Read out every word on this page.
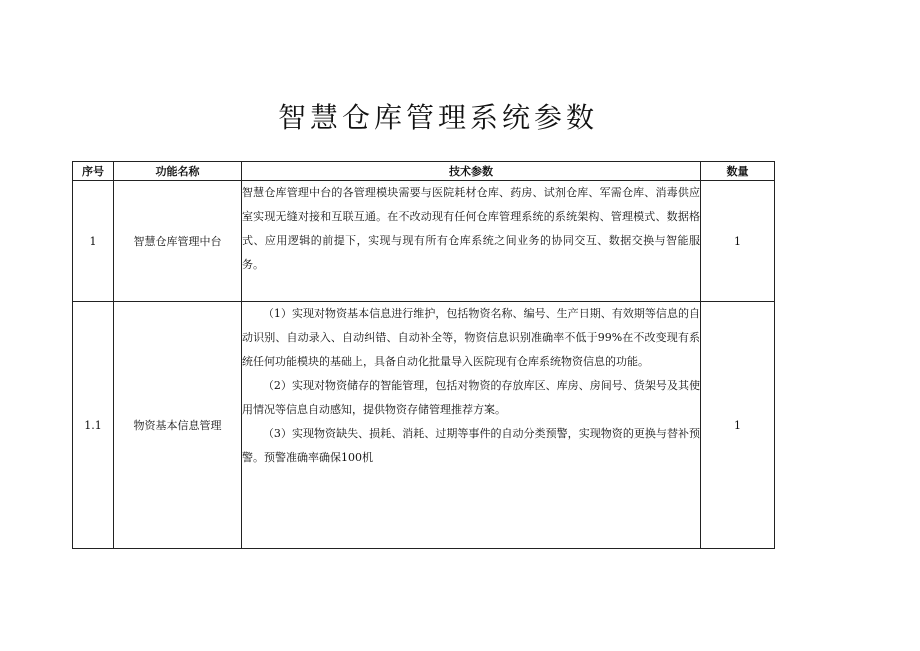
智慧仓库管理系统参数
序号	功能名称	技术参数	数量
1	智慧仓库管理中台	智慧仓库管理中台的各管理模块需要与医院耗材仓库、药房、试剂仓库、军需仓库、消毒供应室实现无缝对接和互联互通。在不改动现有任何仓库管理系统的系统架构、管理模式、数据格式、应用逻辑的前提下，实现与现有所有仓库系统之间业务的协同交互、数据交换与智能服务。	1
1.1	物资基本信息管理	（1）实现对物资基本信息进行维护，包括物资名称、编号、生产日期、有效期等信息的自动识别、自动录入、自动纠错、自动补全等，物资信息识别准确率不低于99%在不改变现有系统任何功能模块的基础上，具备自动化批量导入医院现有仓库系统物资信息的功能。

（2）实现对物资储存的智能管理，包括对物资的存放库区、库房、房间号、货架号及其使用情况等信息自动感知，提供物资存储管理推荐方案。

（3）实现物资缺失、损耗、消耗、过期等事件的自动分类预警，实现物资的更换与替补预警。预警准确率确保100机	1
